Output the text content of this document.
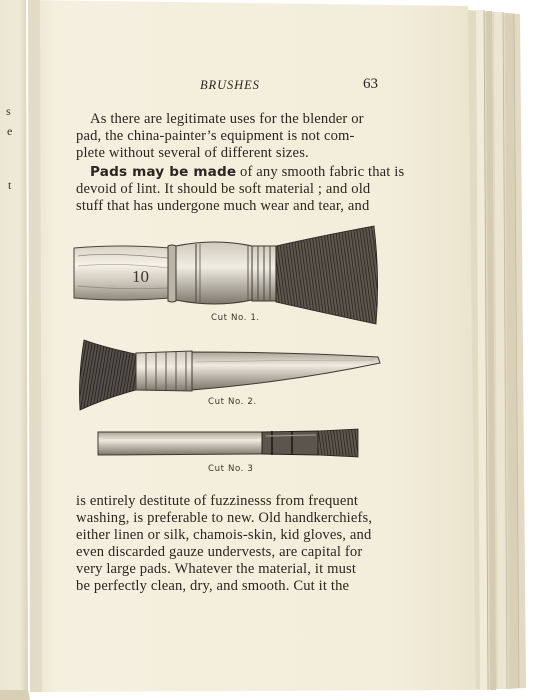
10
s
e
t
BRUSHES	63
As there are legitimate uses for the blender or
pad, the china-painter’s equipment is not com-
plete without several of different sizes.
Pads may be made of any smooth fabric that is
devoid of lint. It should be soft material ; and old
stuff that has undergone much wear and tear, and
Cut No. 1.
Cut No. 2.
Cut No. 3
is entirely destitute of fuzzinesss from frequent
washing, is preferable to new. Old handkerchiefs,
either linen or silk, chamois-skin, kid gloves, and
even discarded gauze undervests, are capital for
very large pads. Whatever the material, it must
be perfectly clean, dry, and smooth. Cut it the
